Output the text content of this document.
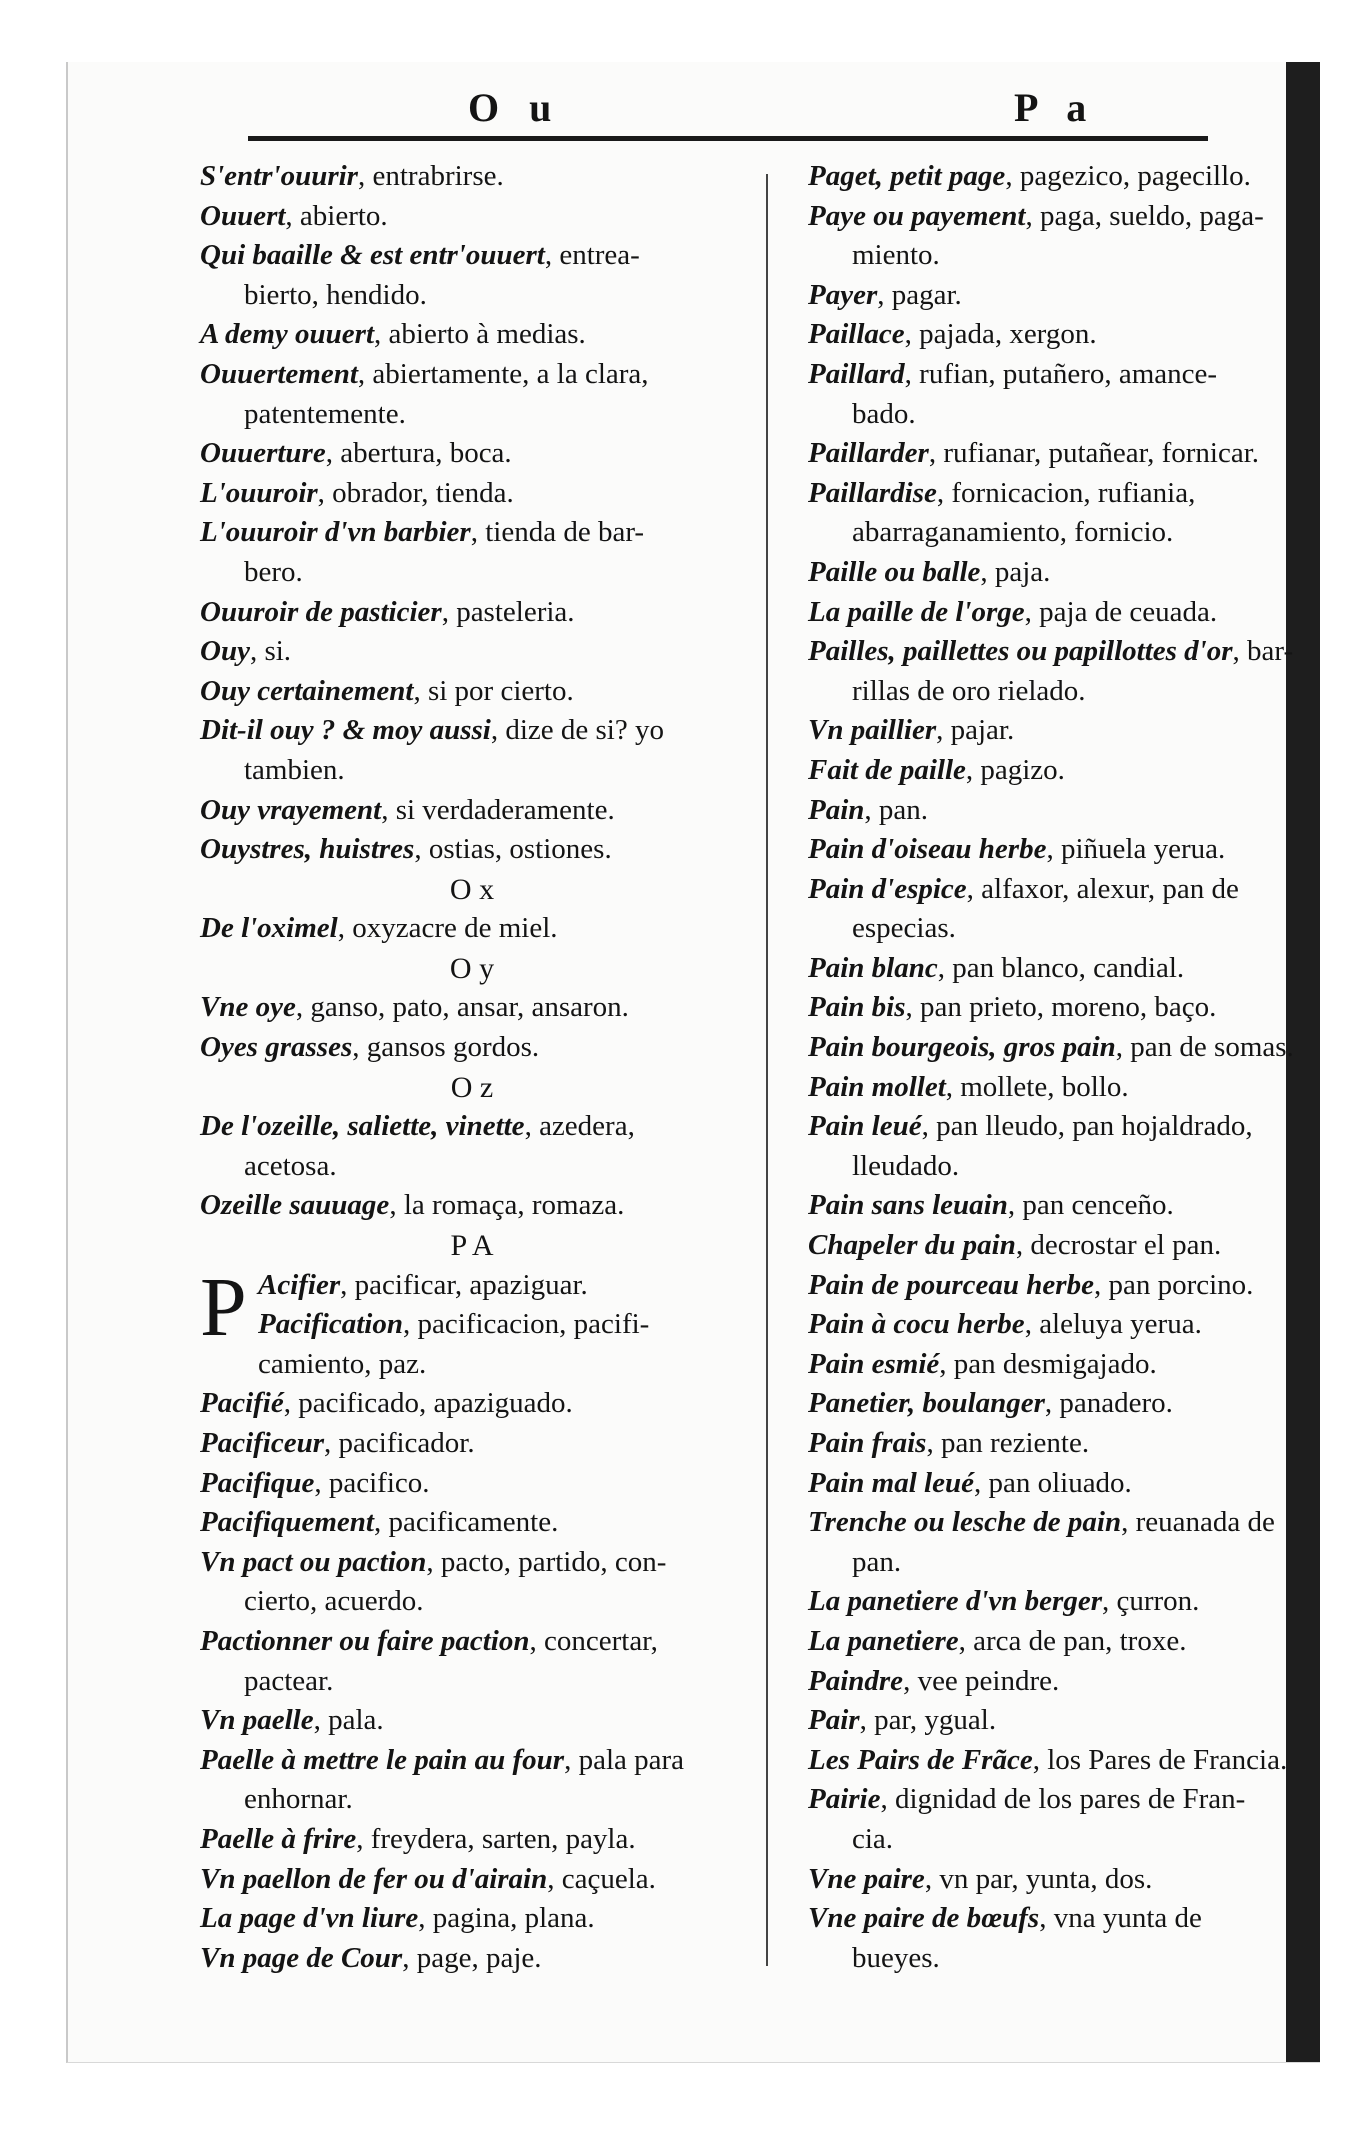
O u	P a
S'entr'ouurir, entrabrirse.
Ouuert, abierto.
Qui baaille & est entr'ouuert, entrea-
bierto, hendido.
A demy ouuert, abierto à medias.
Ouuertement, abiertamente, a la clara,
patentemente.
Ouuerture, abertura, boca.
L'ouuroir, obrador, tienda.
L'ouuroir d'vn barbier, tienda de bar-
bero.
Ouuroir de pasticier, pasteleria.
Ouy, si.
Ouy certainement, si por cierto.
Dit-il ouy ? & moy aussi, dize de si? yo
tambien.
Ouy vrayement, si verdaderamente.
Ouystres, huistres, ostias, ostiones.
O x
De l'oximel, oxyzacre de miel.
O y
Vne oye, ganso, pato, ansar, ansaron.
Oyes grasses, gansos gordos.
O z
De l'ozeille, saliette, vinette, azedera,
acetosa.
Ozeille sauuage, la romaça, romaza.
P A
P Acifier, pacificar, apaziguar.
Pacification, pacificacion, pacifi-
camiento, paz.
Pacifié, pacificado, apaziguado.
Pacificeur, pacificador.
Pacifique, pacifico.
Pacifiquement, pacificamente.
Vn pact ou paction, pacto, partido, con-
cierto, acuerdo.
Pactionner ou faire paction, concertar,
pactear.
Vn paelle, pala.
Paelle à mettre le pain au four, pala para
enhornar.
Paelle à frire, freydera, sarten, payla.
Vn paellon de fer ou d'airain, caçuela.
La page d'vn liure, pagina, plana.
Vn page de Cour, page, paje.
Paget, petit page, pagezico, pagecillo.
Paye ou payement, paga, sueldo, paga-
miento.
Payer, pagar.
Paillace, pajada, xergon.
Paillard, rufian, putañero, amance-
bado.
Paillarder, rufianar, putañear, fornicar.
Paillardise, fornicacion, rufiania,
abarraganamiento, fornicio.
Paille ou balle, paja.
La paille de l'orge, paja de ceuada.
Pailles, paillettes ou papillottes d'or, bar-
rillas de oro rielado.
Vn paillier, pajar.
Fait de paille, pagizo.
Pain, pan.
Pain d'oiseau herbe, piñuela yerua.
Pain d'espice, alfaxor, alexur, pan de
especias.
Pain blanc, pan blanco, candial.
Pain bis, pan prieto, moreno, baço.
Pain bourgeois, gros pain, pan de somas.
Pain mollet, mollete, bollo.
Pain leué, pan lleudo, pan hojaldrado,
lleudado.
Pain sans leuain, pan cenceño.
Chapeler du pain, decrostar el pan.
Pain de pourceau herbe, pan porcino.
Pain à cocu herbe, aleluya yerua.
Pain esmié, pan desmigajado.
Panetier, boulanger, panadero.
Pain frais, pan reziente.
Pain mal leué, pan oliuado.
Trenche ou lesche de pain, reuanada de
pan.
La panetiere d'vn berger, çurron.
La panetiere, arca de pan, troxe.
Paindre, vee peindre.
Pair, par, ygual.
Les Pairs de Frãce, los Pares de Francia.
Pairie, dignidad de los pares de Fran-
cia.
Vne paire, vn par, yunta, dos.
Vne paire de bœufs, vna yunta de
bueyes.
